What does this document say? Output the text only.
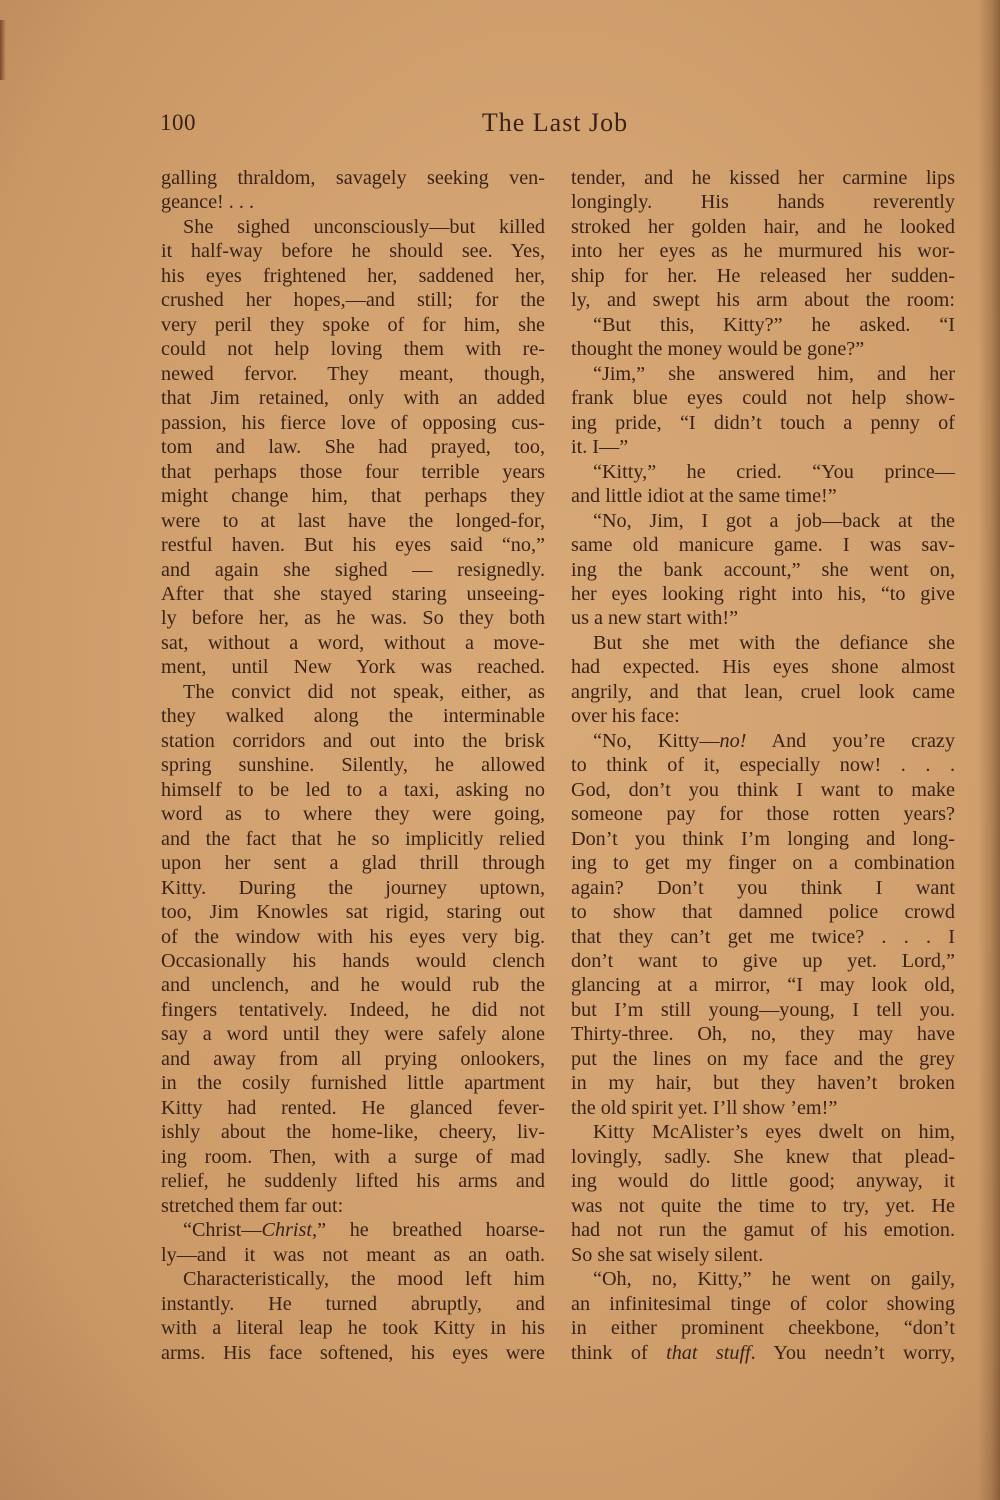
100	The Last Job
galling thraldom, savagely seeking ven-
geance! . . .
She sighed unconsciously—but killed
it half-way before he should see. Yes,
his eyes frightened her, saddened her,
crushed her hopes,—and still; for the
very peril they spoke of for him, she
could not help loving them with re-
newed fervor. They meant, though,
that Jim retained, only with an added
passion, his fierce love of opposing cus-
tom and law. She had prayed, too,
that perhaps those four terrible years
might change him, that perhaps they
were to at last have the longed-for,
restful haven. But his eyes said “no,”
and again she sighed — resignedly.
After that she stayed staring unseeing-
ly before her, as he was. So they both
sat, without a word, without a move-
ment, until New York was reached.
The convict did not speak, either, as
they walked along the interminable
station corridors and out into the brisk
spring sunshine. Silently, he allowed
himself to be led to a taxi, asking no
word as to where they were going,
and the fact that he so implicitly relied
upon her sent a glad thrill through
Kitty. During the journey uptown,
too, Jim Knowles sat rigid, staring out
of the window with his eyes very big.
Occasionally his hands would clench
and unclench, and he would rub the
fingers tentatively. Indeed, he did not
say a word until they were safely alone
and away from all prying onlookers,
in the cosily furnished little apartment
Kitty had rented. He glanced fever-
ishly about the home-like, cheery, liv-
ing room. Then, with a surge of mad
relief, he suddenly lifted his arms and
stretched them far out:
“Christ—Christ,” he breathed hoarse-
ly—and it was not meant as an oath.
Characteristically, the mood left him
instantly. He turned abruptly, and
with a literal leap he took Kitty in his
arms. His face softened, his eyes were
tender, and he kissed her carmine lips
longingly. His hands reverently
stroked her golden hair, and he looked
into her eyes as he murmured his wor-
ship for her. He released her sudden-
ly, and swept his arm about the room:
“But this, Kitty?” he asked. “I
thought the money would be gone?”
“Jim,” she answered him, and her
frank blue eyes could not help show-
ing pride, “I didn’t touch a penny of
it. I—”
“Kitty,” he cried. “You prince—
and little idiot at the same time!”
“No, Jim, I got a job—back at the
same old manicure game. I was sav-
ing the bank account,” she went on,
her eyes looking right into his, “to give
us a new start with!”
But she met with the defiance she
had expected. His eyes shone almost
angrily, and that lean, cruel look came
over his face:
“No, Kitty—no! And you’re crazy
to think of it, especially now! . . .
God, don’t you think I want to make
someone pay for those rotten years?
Don’t you think I’m longing and long-
ing to get my finger on a combination
again? Don’t you think I want
to show that damned police crowd
that they can’t get me twice? . . . I
don’t want to give up yet. Lord,”
glancing at a mirror, “I may look old,
but I’m still young—young, I tell you.
Thirty-three. Oh, no, they may have
put the lines on my face and the grey
in my hair, but they haven’t broken
the old spirit yet. I’ll show ’em!”
Kitty McAlister’s eyes dwelt on him,
lovingly, sadly. She knew that plead-
ing would do little good; anyway, it
was not quite the time to try, yet. He
had not run the gamut of his emotion.
So she sat wisely silent.
“Oh, no, Kitty,” he went on gaily,
an infinitesimal tinge of color showing
in either prominent cheekbone, “don’t
think of that stuff. You needn’t worry,
